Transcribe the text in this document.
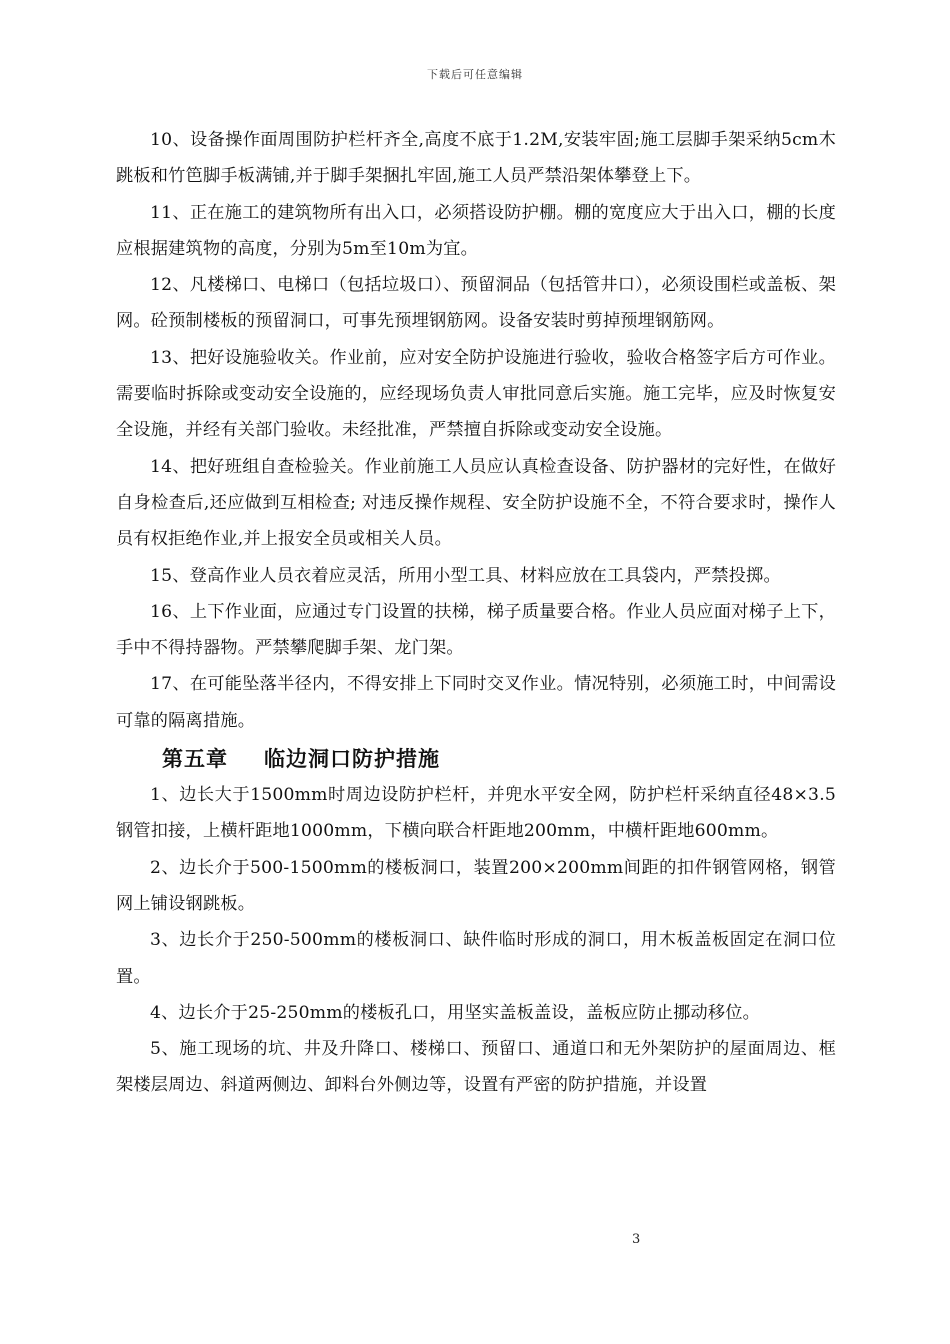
下载后可任意编辑

10、设备操作面周围防护栏杆齐全,高度不底于1.2M,安装牢固;施工层脚手架采纳5cm木跳板和竹笆脚手板满铺,并于脚手架捆扎牢固,施工人员严禁沿架体攀登上下。

11、正在施工的建筑物所有出入口，必须搭设防护棚。棚的宽度应大于出入口，棚的长度应根据建筑物的高度，分别为5m至10m为宜。

12、凡楼梯口、电梯口（包括垃圾口）、预留洞品（包括管井口），必须设围栏或盖板、架网。砼预制楼板的预留洞口，可事先预埋钢筋网。设备安装时剪掉预埋钢筋网。

13、把好设施验收关。作业前，应对安全防护设施进行验收，验收合格签字后方可作业。需要临时拆除或变动安全设施的，应经现场负责人审批同意后实施。施工完毕，应及时恢复安全设施，并经有关部门验收。未经批准，严禁擅自拆除或变动安全设施。

14、把好班组自查检验关。作业前施工人员应认真检查设备、防护器材的完好性，在做好自身检查后,还应做到互相检查; 对违反操作规程、安全防护设施不全，不符合要求时，操作人员有权拒绝作业,并上报安全员或相关人员。

15、登高作业人员衣着应灵活，所用小型工具、材料应放在工具袋内，严禁投掷。

16、上下作业面，应通过专门设置的扶梯，梯子质量要合格。作业人员应面对梯子上下，手中不得持器物。严禁攀爬脚手架、龙门架。

17、在可能坠落半径内，不得安排上下同时交叉作业。情况特别，必须施工时，中间需设可靠的隔离措施。

第五章 临边洞口防护措施

1、边长大于1500mm时周边设防护栏杆，并兜水平安全网，防护栏杆采纳直径48×3.5钢管扣接，上横杆距地1000mm，下横向联合杆距地200mm，中横杆距地600mm。

2、边长介于500-1500mm的楼板洞口，装置200×200mm间距的扣件钢管网格，钢管网上铺设钢跳板。

3、边长介于250-500mm的楼板洞口、缺件临时形成的洞口，用木板盖板固定在洞口位置。

4、边长介于25-250mm的楼板孔口，用坚实盖板盖设，盖板应防止挪动移位。

5、施工现场的坑、井及升降口、楼梯口、预留口、通道口和无外架防护的屋面周边、框架楼层周边、斜道两侧边、卸料台外侧边等，设置有严密的防护措施，并设置

3
